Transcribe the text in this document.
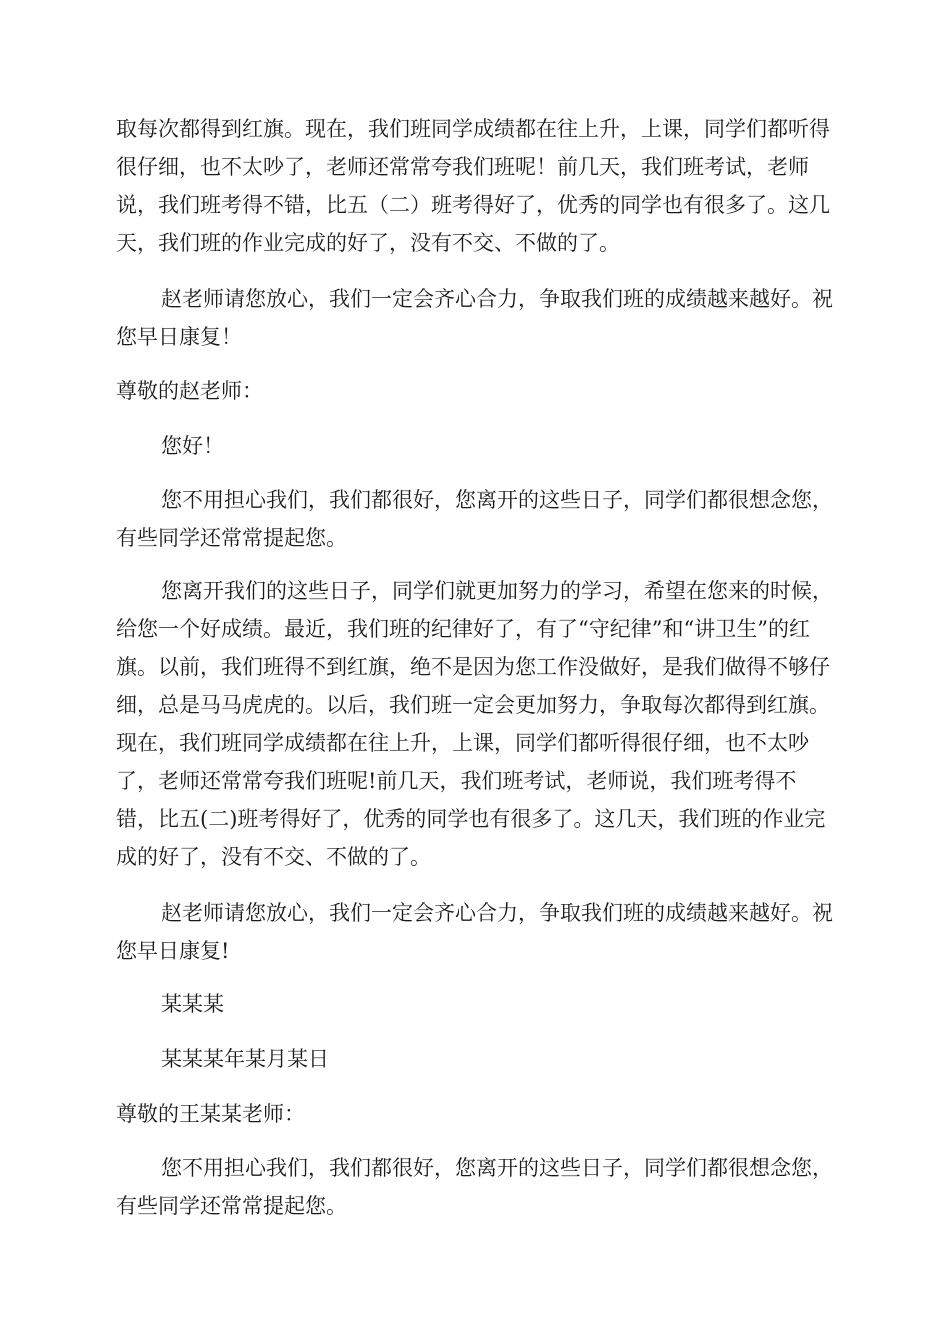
取每次都得到红旗。现在，我们班同学成绩都在往上升，上课，同学们都听得很仔细，也不太吵了，老师还常常夸我们班呢！前几天，我们班考试，老师说，我们班考得不错，比五（二）班考得好了，优秀的同学也有很多了。这几天，我们班的作业完成的好了，没有不交、不做的了。

赵老师请您放心，我们一定会齐心合力，争取我们班的成绩越来越好。祝您早日康复！

尊敬的赵老师：

您好！

您不用担心我们，我们都很好，您离开的这些日子，同学们都很想念您，有些同学还常常提起您。

您离开我们的这些日子，同学们就更加努力的学习，希望在您来的时候，给您一个好成绩。最近，我们班的纪律好了，有了“守纪律”和“讲卫生”的红旗。以前，我们班得不到红旗，绝不是因为您工作没做好，是我们做得不够仔细，总是马马虎虎的。以后，我们班一定会更加努力，争取每次都得到红旗。现在，我们班同学成绩都在往上升，上课，同学们都听得很仔细，也不太吵了，老师还常常夸我们班呢!前几天，我们班考试，老师说，我们班考得不错，比五(二)班考得好了，优秀的同学也有很多了。这几天，我们班的作业完成的好了，没有不交、不做的了。

赵老师请您放心，我们一定会齐心合力，争取我们班的成绩越来越好。祝您早日康复!

某某某

某某某年某月某日

尊敬的王某某老师：

您不用担心我们，我们都很好，您离开的这些日子，同学们都很想念您，有些同学还常常提起您。
